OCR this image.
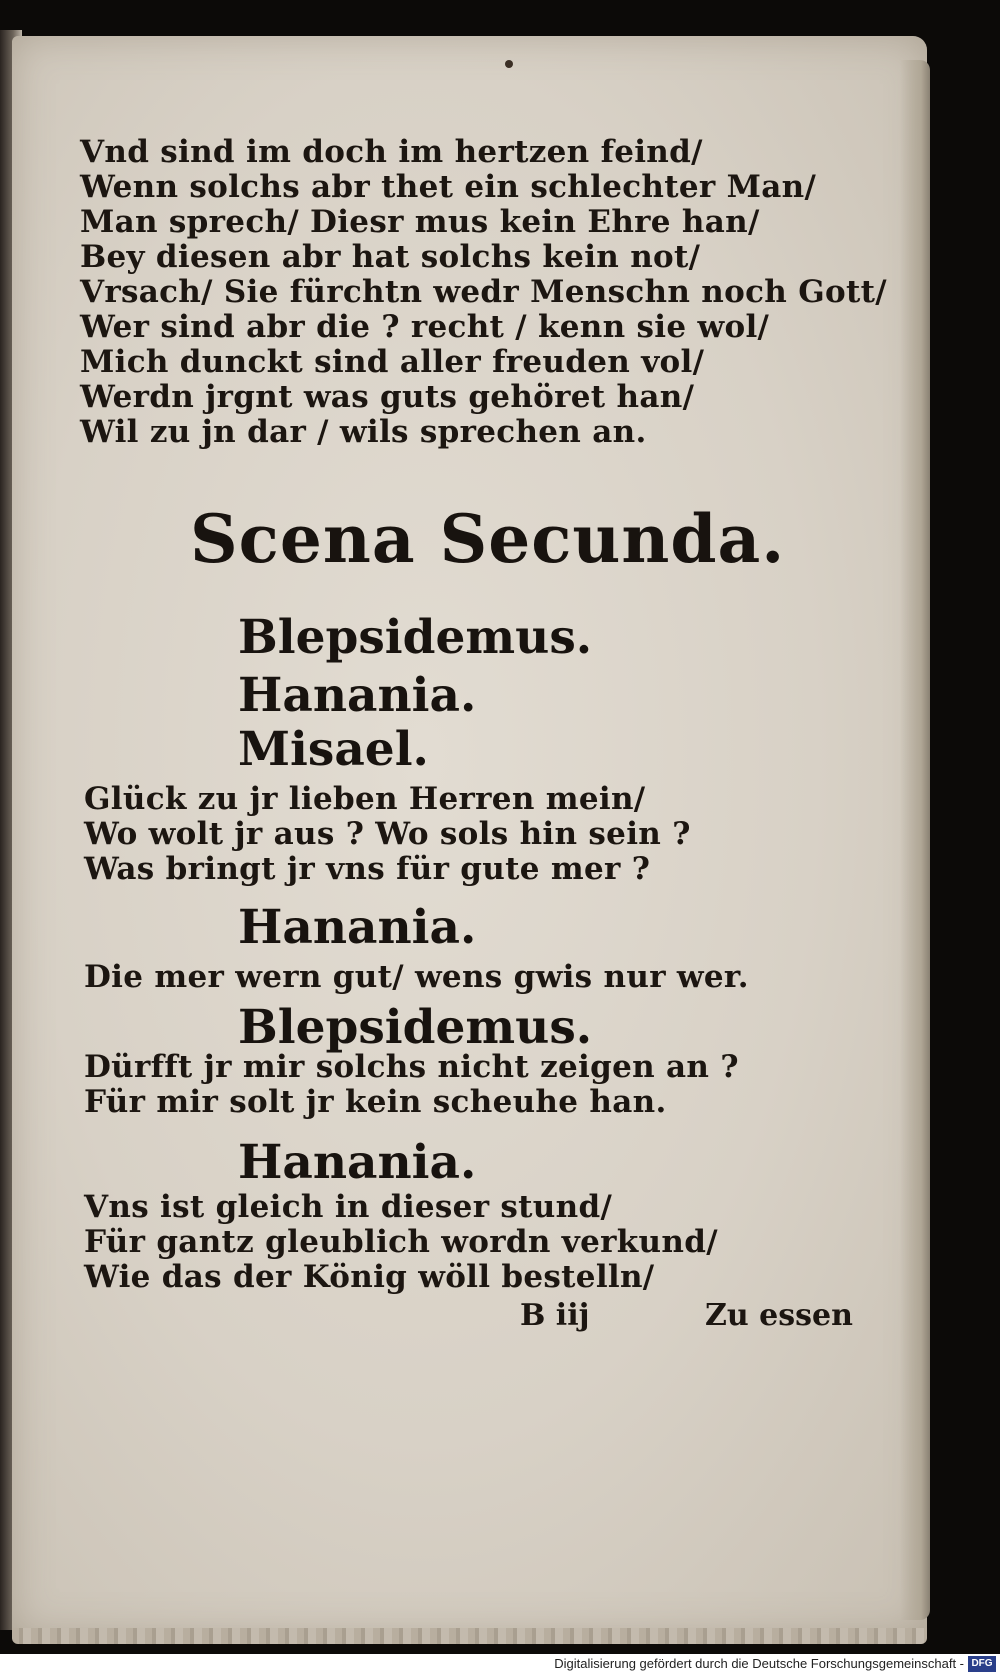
Vnd sind im doch im hertzen feind/
Wenn solchs abr thet ein schlechter Man/
Man sprech/ Diesr mus kein Ehre han/
Bey diesen abr hat solchs kein not/
Vrsach/ Sie fürchtn wedr Menschn noch Gott/
Wer sind abr die ? recht / kenn sie wol/
Mich dunckt sind aller freuden vol/
Werdn jrgnt was guts gehöret han/
Wil zu jn dar / wils sprechen an.
Scena Secunda.
Blepsidemus.
Hanania.
Misael.
Glück zu jr lieben Herren mein/
Wo wolt jr aus ? Wo sols hin sein ?
Was bringt jr vns für gute mer ?
Hanania.
Die mer wern gut/ wens gwis nur wer.
Blepsidemus.
Dürfft jr mir solchs nicht zeigen an ?
Für mir solt jr kein scheuhe han.
Hanania.
Vns ist gleich in dieser stund/
Für gantz gleublich wordn verkund/
Wie das der König wöll bestelln/
B iij	Zu essen
Digitalisierung gefördert durch die Deutsche Forschungsgemeinschaft - DFG
